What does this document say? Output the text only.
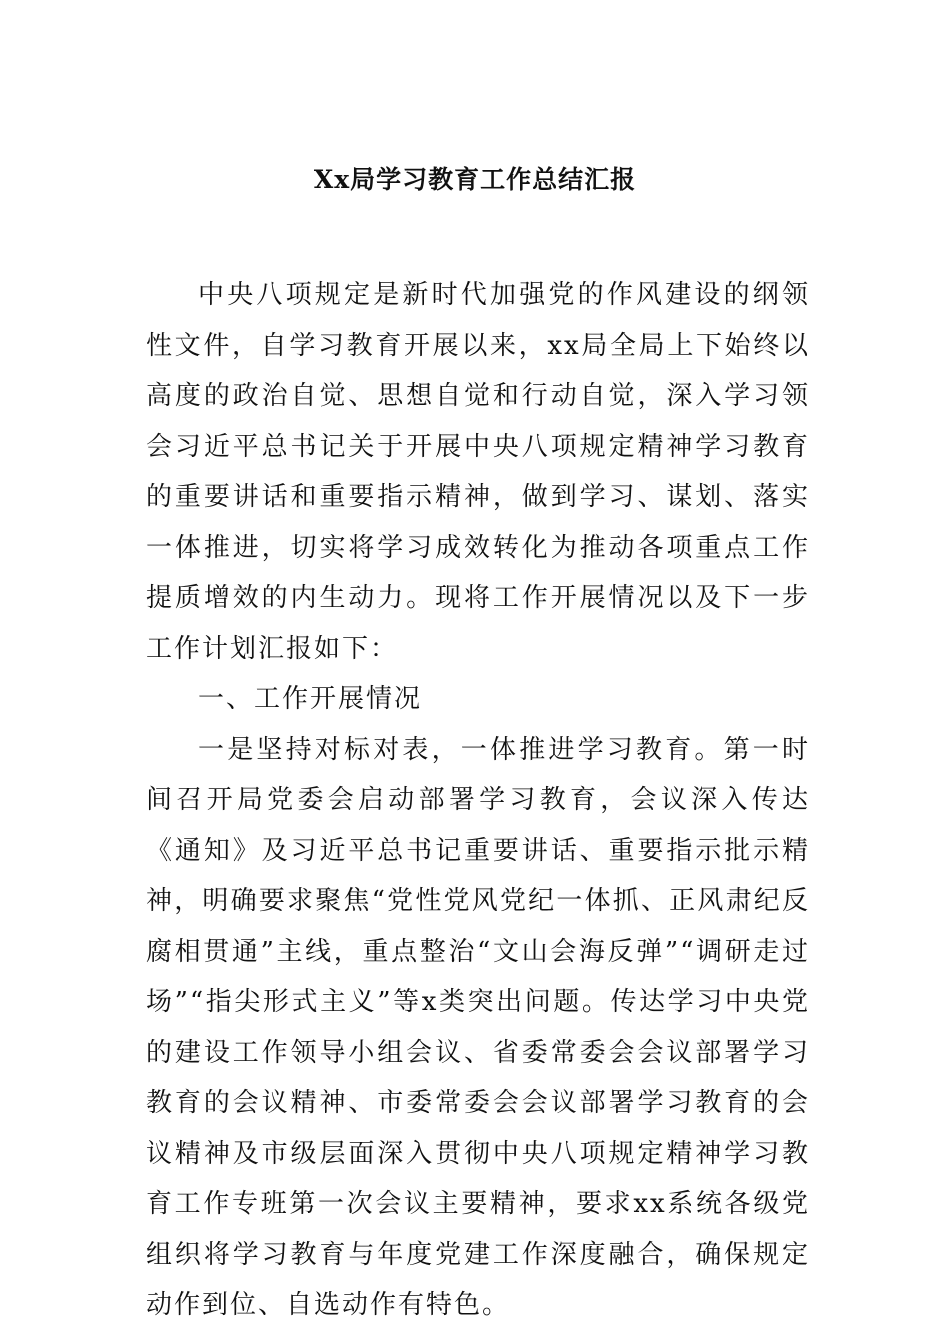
Xx局学习教育工作总结汇报

中央八项规定是新时代加强党的作风建设的纲领性文件，自学习教育开展以来，xx局全局上下始终以高度的政治自觉、思想自觉和行动自觉，深入学习领会习近平总书记关于开展中央八项规定精神学习教育的重要讲话和重要指示精神，做到学习、谋划、落实一体推进，切实将学习成效转化为推动各项重点工作提质增效的内生动力。现将工作开展情况以及下一步工作计划汇报如下：

一、工作开展情况

一是坚持对标对表，一体推进学习教育。第一时间召开局党委会启动部署学习教育，会议深入传达《通知》及习近平总书记重要讲话、重要指示批示精神，明确要求聚焦“党性党风党纪一体抓、正风肃纪反腐相贯通”主线，重点整治“文山会海反弹”“调研走过场”“指尖形式主义”等x类突出问题。传达学习中央党的建设工作领导小组会议、省委常委会会议部署学习教育的会议精神、市委常委会会议部署学习教育的会议精神及市级层面深入贯彻中央八项规定精神学习教育工作专班第一次会议主要精神，要求xx系统各级党组织将学习教育与年度党建工作深度融合，确保规定动作到位、自选动作有特色。
